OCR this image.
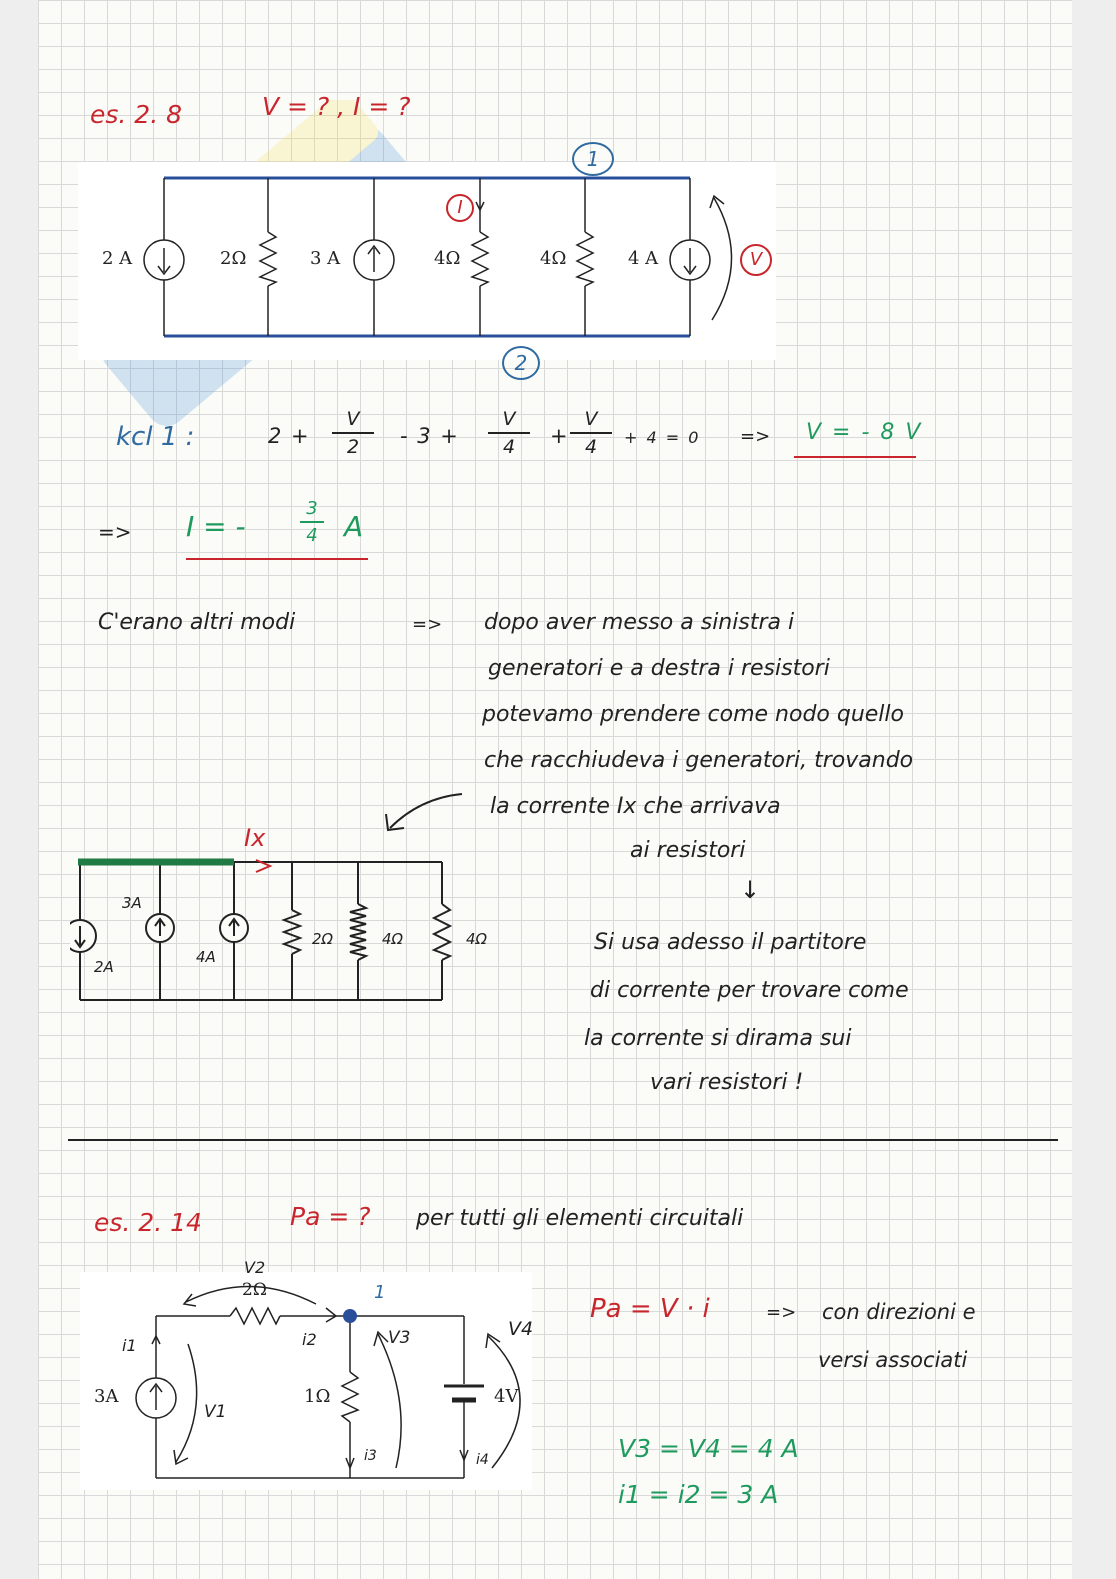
es. 2. 8	V = ? , I = ?
2 A	2Ω	3 A	4Ω	4Ω	4 A
1
2
I
V
kcl 1 :	2 +
V
2	- 3 +
V
4	+
V
4	+ 4 = 0 => V = - 8 V
=> I = -
3
4 A
C'erano altri modi	=> dopo aver messo a sinistra i
generatori e a destra i resistori
potevamo prendere come nodo quello
che racchiudeva i generatori, trovando
la corrente Ix che arrivava
ai resistori
↓
Si usa adesso il partitore
di corrente per trovare come
la corrente si dirama sui
vari resistori !
Ix
2A
3A
4A
2Ω	4Ω	4Ω
es. 2. 14	Pa = ? per tutti gli elementi circuitali
V2
2Ω	1
i1	i2
i3	i4
V1
V3	V4
3A	1Ω	4V
Pa = V · i	=> con direzioni e
versi associati
V3 = V4 = 4 A
i1 = i2 = 3 A
